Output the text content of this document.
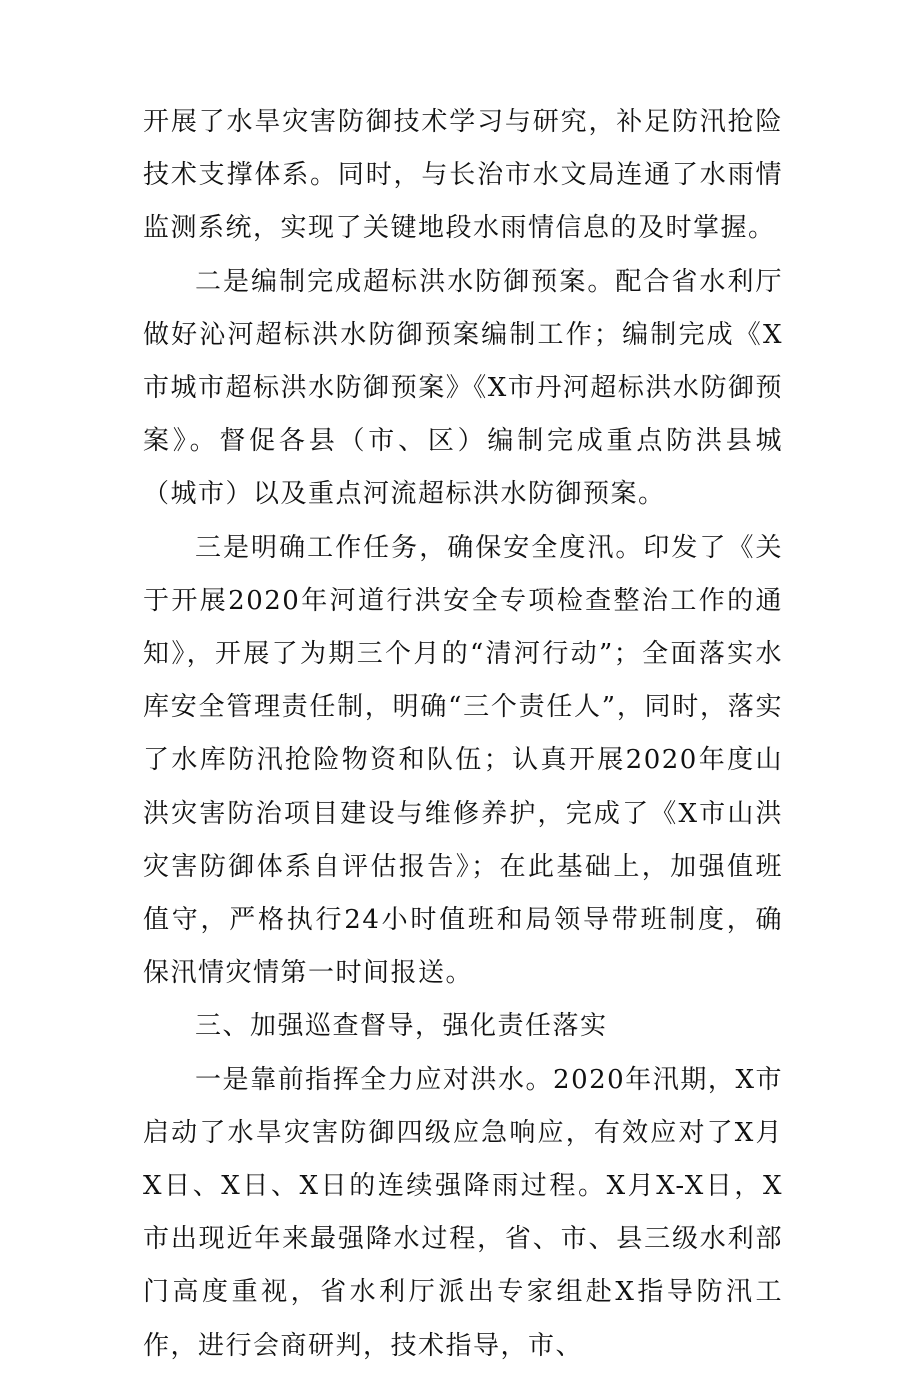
开展了水旱灾害防御技术学习与研究，补足防汛抢险技术支撑体系。同时，与长治市水文局连通了水雨情监测系统，实现了关键地段水雨情信息的及时掌握。

二是编制完成超标洪水防御预案。配合省水利厅做好沁河超标洪水防御预案编制工作；编制完成《X市城市超标洪水防御预案》《X市丹河超标洪水防御预案》。督促各县（市、区）编制完成重点防洪县城（城市）以及重点河流超标洪水防御预案。

三是明确工作任务，确保安全度汛。印发了《关于开展2020年河道行洪安全专项检查整治工作的通知》，开展了为期三个月的“清河行动”；全面落实水库安全管理责任制，明确“三个责任人”，同时，落实了水库防汛抢险物资和队伍；认真开展2020年度山洪灾害防治项目建设与维修养护，完成了《X市山洪灾害防御体系自评估报告》；在此基础上，加强值班值守，严格执行24小时值班和局领导带班制度，确保汛情灾情第一时间报送。

三、加强巡查督导，强化责任落实

一是靠前指挥全力应对洪水。2020年汛期，X市启动了水旱灾害防御四级应急响应，有效应对了X月X日、X日、X日的连续强降雨过程。X月X-X日，X市出现近年来最强降水过程，省、市、县三级水利部门高度重视，省水利厅派出专家组赴X指导防汛工作，进行会商研判，技术指导，市、
